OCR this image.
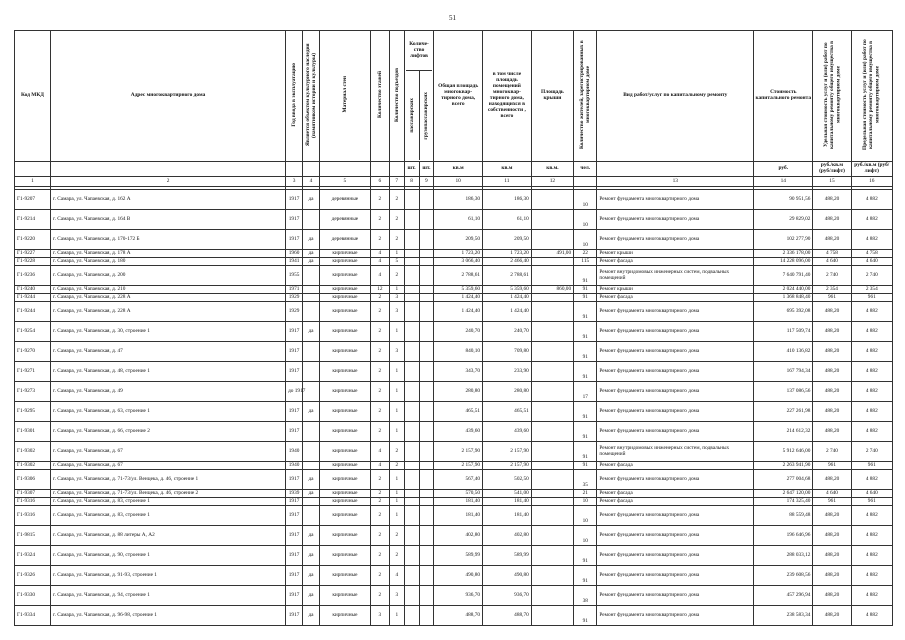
51
Код МКД	Адрес многоквартирного дома	Год ввода в эксплуатацию	Является объектом культурного наследия (памятником истории и культуры)	Материал стен	Количество этажей	Количество подъездов	Количе-ство лифтов
пассажирских грузопассажирских		Общая площадь многоквар-тирного дома, всего	в том числе площадь помещений многоквар-тирного дома, находящихся в собственности , всего	Площадь крыши	Количество жителей, зарегистрированных в многоквартирном доме	Вид работ/услуг по капитальному ремонту	Стоимость капитального ремонта	Удельная стоимость услуг и (или) работ по капитальному ремонту общего имущества в многоквартирном доме	Предельная стоимость услуг и (или) работ по капитальному ремонту общего имущества в многоквартирном доме
							шт.	шт.	кв.м	кв.м	кв.м.	чел.		руб.	руб./кв.м (руб/лифт)	руб./кв.м (руб/лифт)
1	2	3	4	5	6	7	8	9	10	11	12		13	14	15	16

Г1-9207	г. Самара, ул. Чапаевская, д. 162 А	1917	да	деревянные	2	2			186,30	186,30		10	Ремонт фундамента многоквартирного дома	90 951,56	488,20	4 882
Г1-9214	г. Самара, ул. Чапаевская, д. 164 В	1917		деревянные	2	2			61,10	61,10		10	Ремонт фундамента многоквартирного дома	29 829,02	488,20	4 882
Г1-9220	г. Самара, ул. Чапаевская, д. 170-172 Б	1917	да	деревянные	2	2			209,50	209,50		10	Ремонт фундамента многоквартирного дома	102 277,90	488,20	4 882
Г1-9227	г. Самара, ул. Чапаевская, д. 178 А	1960	да	кирпичные	4	1			1 723,20	1 723,20	491,00	22	Ремонт крыши	2 336 178,00	4 758	4 758
Г1-9228	г. Самара, ул. Чапаевская, д. 180	1941	да	кирпичные	4	5			3 066,40	2 466,40		115	Ремонт фасада	14 228 096,00	4 640	4 640
Г1-9236	г. Самара, ул. Чапаевская, д. 200	1955		кирпичные	4	2			2 788,61	2 788,61		91	Ремонт внутридомовых инженерных систем, подвальных помещений	7 640 791,40	2 740	2 740
Г1-9240	г. Самара, ул. Чапаевская, д. 210	1971		кирпичные	12	1			5 359,60	5 359,60	860,00	91	Ремонт крыши	2 024 440,00	2 354	2 354
Г1-9244	г. Самара, ул. Чапаевская, д. 228 А	1929		кирпичные	2	3			1 424,40	1 424,40		91	Ремонт фасада	1 368 848,40	961	961
Г1-9244	г. Самара, ул. Чапаевская, д. 228 А	1929		кирпичные	2	3			1 424,40	1 424,40		91	Ремонт фундамента многоквартирного дома	695 392,08	488,20	4 882
Г1-9254	г. Самара, ул. Чапаевская, д. 30, строение 1	1917	да	кирпичные	2	1			240,70	240,70		91	Ремонт фундамента многоквартирного дома	117 509,74	488,20	4 882
Г1-9270	г. Самара, ул. Чапаевская, д. 47	1917		кирпичные	2	3			840,10	709,80		91	Ремонт фундамента многоквартирного дома	410 136,82	488,20	4 882
Г1-9271	г. Самара, ул. Чапаевская, д. 48, строение 1	1917		кирпичные	2	1			343,70	233,90		91	Ремонт фундамента многоквартирного дома	167 794,34	488,20	4 882
Г1-9273	г. Самара, ул. Чапаевская, д. 49	до 1917		кирпичные	2	1			280,80	280,80		17	Ремонт фундамента многоквартирного дома	137 086,56	488,20	4 882
Г1-9295	г. Самара, ул. Чапаевская, д. 63, строение 1	1917	да	кирпичные	2	1			465,51	465,51		91	Ремонт фундамента многоквартирного дома	227 261,98	488,20	4 882
Г1-9301	г. Самара, ул. Чапаевская, д. 66, строение 2	1917		кирпичные	2	1			439,60	439,60		91	Ремонт фундамента многоквартирного дома	214 612,32	488,20	4 882
Г1-9302	г. Самара, ул. Чапаевская, д. 67	1940		кирпичные	4	2			2 157,90	2 157,90		91	Ремонт внутридомовых инженерных систем, подвальных помещений	5 912 646,00	2 740	2 740
Г1-9302	г. Самара, ул. Чапаевская, д. 67	1940		кирпичные	4	2			2 157,90	2 157,90		91	Ремонт фасада	2 263 941,90	961	961
Г1-9306	г. Самара, ул. Чапаевская, д. 71-73/ул. Венцека, д. 46, строение 1	1917	да	кирпичные	2	1			567,40	502,50		35	Ремонт фундамента многоквартирного дома	277 004,68	488,20	4 882
Г1-9307	г. Самара, ул. Чапаевская, д. 71-73/ул. Венцека, д. 46, строение 2	1939	да	кирпичные	2	1			570,50	541,00		21	Ремонт фасада	2 647 120,00	4 640	4 640
Г1-9316	г. Самара, ул. Чапаевская, д. 83, строение 1	1917		кирпичные	2	1			181,40	181,40		10	Ремонт фасада	174 325,40	961	961
Г1-9316	г. Самара, ул. Чапаевская, д. 83, строение 1	1917		кирпичные	2	1			181,40	181,40		10	Ремонт фундамента многоквартирного дома	88 559,48	488,20	4 882
Г1-9815	г. Самара, ул. Чапаевская, д. 88 литеры А, А2	1917	да	кирпичные	2	2			402,80	402,80		10	Ремонт фундамента многоквартирного дома	196 646,96	488,20	4 882
Г1-9324	г. Самара, ул. Чапаевская, д. 90, строение 1	1917	да	кирпичные	2	2			589,99	589,99		91	Ремонт фундамента многоквартирного дома	288 033,12	488,20	4 882
Г1-9326	г. Самара, ул. Чапаевская, д. 91-93, строение 1	1917	да	кирпичные	2	4			490,80	490,80		91	Ремонт фундамента многоквартирного дома	239 608,56	488,20	4 882
Г1-9330	г. Самара, ул. Чапаевская, д. 94, строение 1	1917	да	кирпичные	2	3			936,70	936,70		38	Ремонт фундамента многоквартирного дома	457 296,94	488,20	4 882
Г1-9334	г. Самара, ул. Чапаевская, д. 96-98, строение 1	1917	да	кирпичные	3	1			488,70	488,70		91	Ремонт фундамента многоквартирного дома	238 583,34	488,20	4 882
